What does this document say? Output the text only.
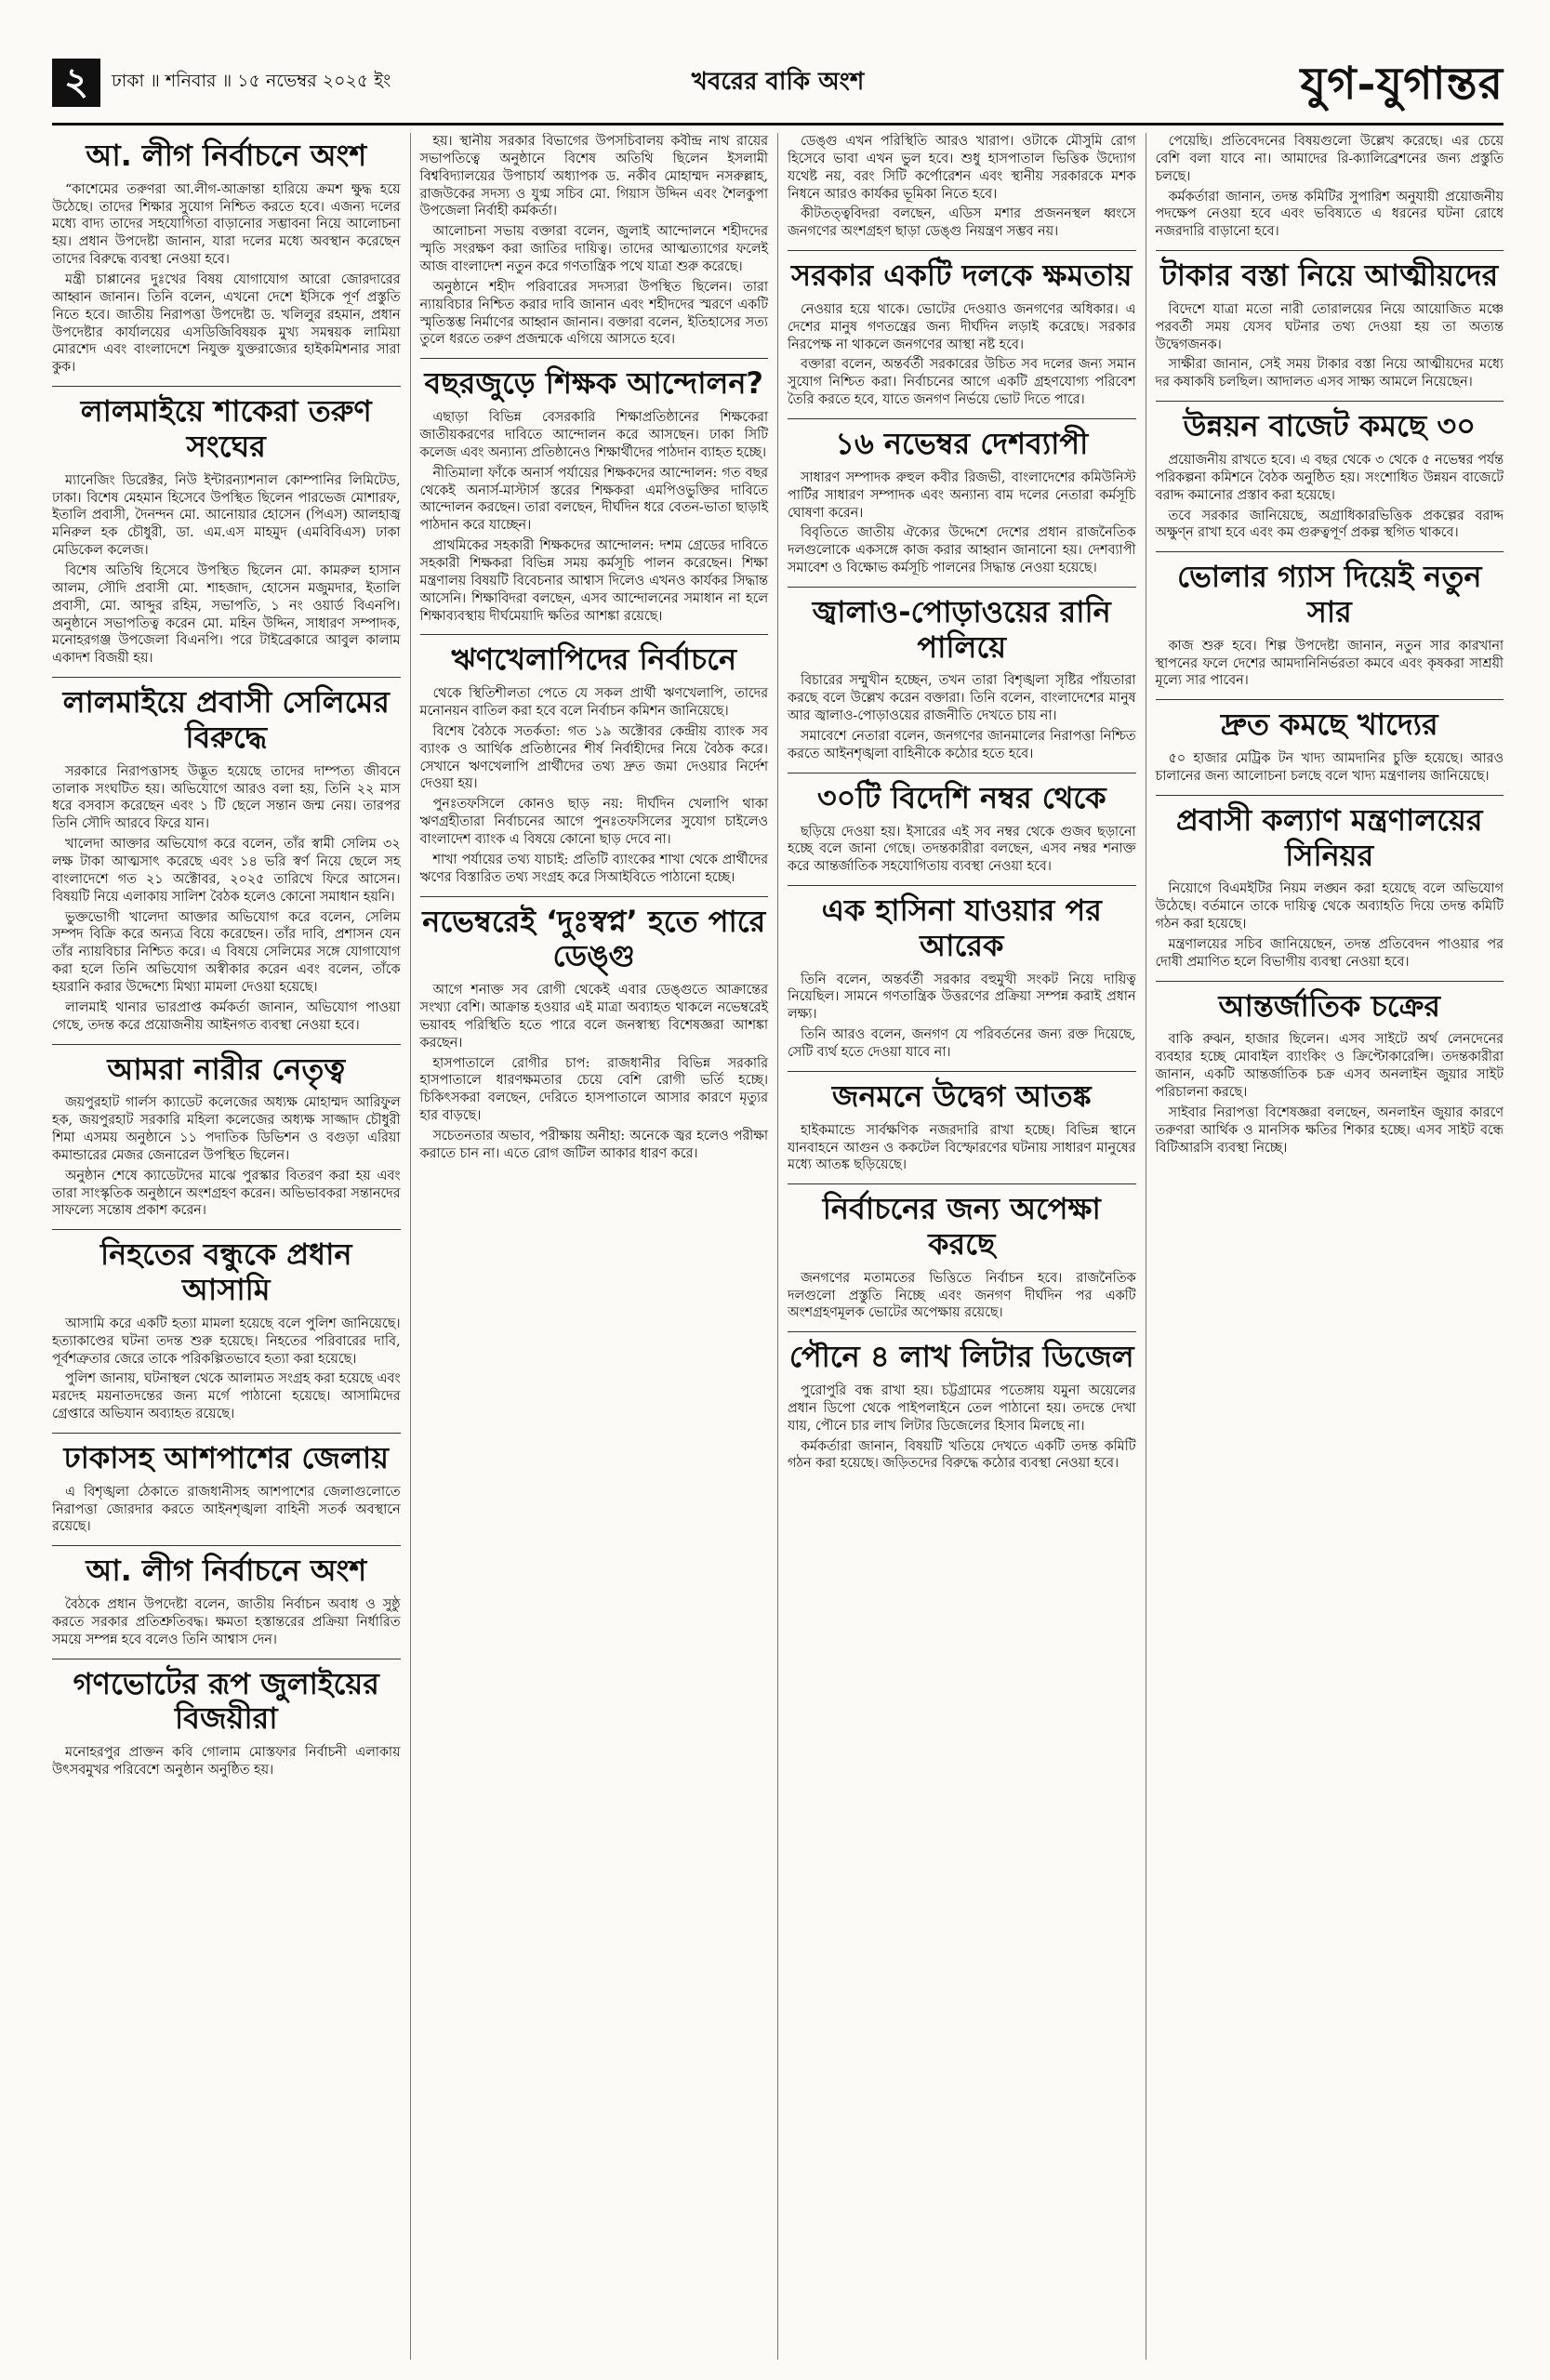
২	ঢাকা ॥ শনিবার ॥ ১৫ নভেম্বর ২০২৫ ইং	খবরের বাকি অংশ	যুগ-যুগান্তর
আ. লীগ নির্বাচনে অংশ

“কাশেমের তরুণরা আ.লীগ-আক্রান্তা হারিয়ে ক্রমশ ক্ষুদ্ধ হয়ে উঠেছে। তাদের শিক্ষার সুযোগ নিশ্চিত করতে হবে। এজন্য দলের মধ্যে বাদ্য তাদের সহযোগিতা বাড়ানোর সম্ভাবনা নিয়ে আলোচনা হয়। প্রধান উপদেষ্টা জানান, যারা দলের মধ্যে অবস্থান করেছেন তাদের বিরুদ্ধে ব্যবস্থা নেওয়া হবে।

মন্ত্রী চাপ্পানের দুঃখের বিষয় যোগাযোগ আরো জোরদারের আহ্বান জানান। তিনি বলেন, এখনো দেশে ইসিকে পূর্ণ প্রস্তুতি নিতে হবে। জাতীয় নিরাপত্তা উপদেষ্টা ড. খলিলুর রহমান, প্রধান উপদেষ্টার কার্যালয়ের এসডিজিবিষয়ক মুখ্য সমন্বয়ক লামিয়া মোরশেদ এবং বাংলাদেশে নিযুক্ত যুক্তরাজ্যের হাইকমিশনার সারা কুক।

লালমাইয়ে শাকেরা তরুণ সংঘের

ম্যানেজিং ডিরেক্টর, নিউ ইন্টারন্যাশনাল কোম্পানির লিমিটেড, ঢাকা। বিশেষ মেহমান হিসেবে উপস্থিত ছিলেন পারভেজ মোশারফ, ইতালি প্রবাসী, দৈনন্দন মো. আনোয়ার হোসেন (পিএস) আলহাজ্ব মনিরুল হক চৌধুরী, ডা. এম.এস মাহমুদ (এমবিবিএস) ঢাকা মেডিকেল কলেজ।

বিশেষ অতিথি হিসেবে উপস্থিত ছিলেন মো. কামরুল হাসান আলম, সৌদি প্রবাসী মো. শাহজাদ, হোসেন মজুমদার, ইতালি প্রবাসী, মো. আব্দুর রহিম, সভাপতি, ১ নং ওয়ার্ড বিএনপি। অনুষ্ঠানে সভাপতিত্ব করেন মো. মহিন উদ্দিন, সাধারণ সম্পাদক, মনোহরগঞ্জ উপজেলা বিএনপি। পরে টাইব্রেকারে আবুল কালাম একাদশ বিজয়ী হয়।

লালমাইয়ে প্রবাসী সেলিমের বিরুদ্ধে

সরকারে নিরাপত্তাসহ উদ্ভূত হয়েছে তাদের দাম্পত্য জীবনে তালাক সংঘটিত হয়। অভিযোগে আরও বলা হয়, তিনি ২২ মাস ধরে বসবাস করেছেন এবং ১ টি ছেলে সন্তান জন্ম নেয়। তারপর তিনি সৌদি আরবে ফিরে যান।

খালেদা আক্তার অভিযোগ করে বলেন, তাঁর স্বামী সেলিম ৩২ লক্ষ টাকা আত্মসাৎ করেছে এবং ১৪ ভরি স্বর্ণ নিয়ে ছেলে সহ বাংলাদেশে গত ২১ অক্টোবর, ২০২৫ তারিখে ফিরে আসেন। বিষয়টি নিয়ে এলাকায় সালিশ বৈঠক হলেও কোনো সমাধান হয়নি।

ভুক্তভোগী খালেদা আক্তার অভিযোগ করে বলেন, সেলিম সম্পদ বিক্রি করে অন্যত্র বিয়ে করেছেন। তাঁর দাবি, প্রশাসন যেন তাঁর ন্যায়বিচার নিশ্চিত করে। এ বিষয়ে সেলিমের সঙ্গে যোগাযোগ করা হলে তিনি অভিযোগ অস্বীকার করেন এবং বলেন, তাঁকে হয়রানি করার উদ্দেশ্যে মিথ্যা মামলা দেওয়া হয়েছে।

লালমাই থানার ভারপ্রাপ্ত কর্মকর্তা জানান, অভিযোগ পাওয়া গেছে, তদন্ত করে প্রয়োজনীয় আইনগত ব্যবস্থা নেওয়া হবে।

আমরা নারীর নেতৃত্ব

জয়পুরহাট গার্লস ক্যাডেট কলেজের অধ্যক্ষ মোহাম্মদ আরিফুল হক, জয়পুরহাট সরকারি মহিলা কলেজের অধ্যক্ষ সাজ্জাদ চৌধুরী শিমা এসময় অনুষ্ঠানে ১১ পদাতিক ডিভিশন ও বগুড়া এরিয়া কমান্ডারের মেজর জেনারেল উপস্থিত ছিলেন।

অনুষ্ঠান শেষে ক্যাডেটদের মাঝে পুরস্কার বিতরণ করা হয় এবং তারা সাংস্কৃতিক অনুষ্ঠানে অংশগ্রহণ করেন। অভিভাবকরা সন্তানদের সাফল্যে সন্তোষ প্রকাশ করেন।

নিহতের বন্ধুকে প্রধান আসামি

আসামি করে একটি হত্যা মামলা হয়েছে বলে পুলিশ জানিয়েছে। হত্যাকাণ্ডের ঘটনা তদন্ত শুরু হয়েছে। নিহতের পরিবারের দাবি, পূর্বশত্রুতার জেরে তাকে পরিকল্পিতভাবে হত্যা করা হয়েছে।

পুলিশ জানায়, ঘটনাস্থল থেকে আলামত সংগ্রহ করা হয়েছে এবং মরদেহ ময়নাতদন্তের জন্য মর্গে পাঠানো হয়েছে। আসামিদের গ্রেপ্তারে অভিযান অব্যাহত রয়েছে।

ঢাকাসহ আশপাশের জেলায়

এ বিশৃঙ্খলা ঠেকাতে রাজধানীসহ আশপাশের জেলাগুলোতে নিরাপত্তা জোরদার করতে আইনশৃঙ্খলা বাহিনী সতর্ক অবস্থানে রয়েছে।

আ. লীগ নির্বাচনে অংশ

বৈঠকে প্রধান উপদেষ্টা বলেন, জাতীয় নির্বাচন অবাধ ও সুষ্ঠু করতে সরকার প্রতিশ্রুতিবদ্ধ। ক্ষমতা হস্তান্তরের প্রক্রিয়া নির্ধারিত সময়ে সম্পন্ন হবে বলেও তিনি আশ্বাস দেন।

গণভোটের রূপ জুলাইয়ের বিজয়ীরা

মনোহরপুর প্রাক্তন কবি গোলাম মোস্তফার নির্বাচনী এলাকায় উৎসবমুখর পরিবেশে অনুষ্ঠান অনুষ্ঠিত হয়।

হয়। স্থানীয় সরকার বিভাগের উপসচিবালয় কবীন্দ্র নাথ রায়ের সভাপতিত্বে অনুষ্ঠানে বিশেষ অতিথি ছিলেন ইসলামী বিশ্ববিদ্যালয়ের উপাচার্য অধ্যাপক ড. নকীব মোহাম্মদ নসরুল্লাহ, রাজউকের সদস্য ও যুগ্ম সচিব মো. গিয়াস উদ্দিন এবং শৈলকুপা উপজেলা নির্বাহী কর্মকর্তা।

আলোচনা সভায় বক্তারা বলেন, জুলাই আন্দোলনে শহীদদের স্মৃতি সংরক্ষণ করা জাতির দায়িত্ব। তাদের আত্মত্যাগের ফলেই আজ বাংলাদেশ নতুন করে গণতান্ত্রিক পথে যাত্রা শুরু করেছে।

অনুষ্ঠানে শহীদ পরিবারের সদস্যরা উপস্থিত ছিলেন। তারা ন্যায়বিচার নিশ্চিত করার দাবি জানান এবং শহীদদের স্মরণে একটি স্মৃতিস্তম্ভ নির্মাণের আহ্বান জানান। বক্তারা বলেন, ইতিহাসের সত্য তুলে ধরতে তরুণ প্রজন্মকে এগিয়ে আসতে হবে।

বছরজুড়ে শিক্ষক আন্দোলন?

এছাড়া বিভিন্ন বেসরকারি শিক্ষাপ্রতিষ্ঠানের শিক্ষকেরা জাতীয়করণের দাবিতে আন্দোলন করে আসছেন। ঢাকা সিটি কলেজ এবং অন্যান্য প্রতিষ্ঠানেও শিক্ষার্থীদের পাঠদান ব্যাহত হচ্ছে।

নীতিমালা ফাঁকে অনার্স পর্যায়ের শিক্ষকদের আন্দোলন: গত বছর থেকেই অনার্স-মাস্টার্স স্তরের শিক্ষকরা এমপিওভুক্তির দাবিতে আন্দোলন করছেন। তারা বলছেন, দীর্ঘদিন ধরে বেতন-ভাতা ছাড়াই পাঠদান করে যাচ্ছেন।

প্রাথমিকের সহকারী শিক্ষকদের আন্দোলন: দশম গ্রেডের দাবিতে সহকারী শিক্ষকরা বিভিন্ন সময় কর্মসূচি পালন করেছেন। শিক্ষা মন্ত্রণালয় বিষয়টি বিবেচনার আশ্বাস দিলেও এখনও কার্যকর সিদ্ধান্ত আসেনি। শিক্ষাবিদরা বলছেন, এসব আন্দোলনের সমাধান না হলে শিক্ষাব্যবস্থায় দীর্ঘমেয়াদি ক্ষতির আশঙ্কা রয়েছে।

ঋণখেলাপিদের নির্বাচনে

থেকে স্থিতিশীলতা পেতে যে সকল প্রার্থী ঋণখেলাপি, তাদের মনোনয়ন বাতিল করা হবে বলে নির্বাচন কমিশন জানিয়েছে।

বিশেষ বৈঠকে সতর্কতা: গত ১৯ অক্টোবর কেন্দ্রীয় ব্যাংক সব ব্যাংক ও আর্থিক প্রতিষ্ঠানের শীর্ষ নির্বাহীদের নিয়ে বৈঠক করে। সেখানে ঋণখেলাপি প্রার্থীদের তথ্য দ্রুত জমা দেওয়ার নির্দেশ দেওয়া হয়।

পুনঃতফসিলে কোনও ছাড় নয়: দীর্ঘদিন খেলাপি থাকা ঋণগ্রহীতারা নির্বাচনের আগে পুনঃতফসিলের সুযোগ চাইলেও বাংলাদেশ ব্যাংক এ বিষয়ে কোনো ছাড় দেবে না।

শাখা পর্যায়ের তথ্য যাচাই: প্রতিটি ব্যাংকের শাখা থেকে প্রার্থীদের ঋণের বিস্তারিত তথ্য সংগ্রহ করে সিআইবিতে পাঠানো হচ্ছে।

নভেম্বরেই ‘দুঃস্বপ্ন’ হতে পারে ডেঙ্গু

আগে শনাক্ত সব রোগী থেকেই এবার ডেঙ্গুতে আক্রান্তের সংখ্যা বেশি। আক্রান্ত হওয়ার এই মাত্রা অব্যাহত থাকলে নভেম্বরেই ভয়াবহ পরিস্থিতি হতে পারে বলে জনস্বাস্থ্য বিশেষজ্ঞরা আশঙ্কা করছেন।

হাসপাতালে রোগীর চাপ: রাজধানীর বিভিন্ন সরকারি হাসপাতালে ধারণক্ষমতার চেয়ে বেশি রোগী ভর্তি হচ্ছে। চিকিৎসকরা বলছেন, দেরিতে হাসপাতালে আসার কারণে মৃত্যুর হার বাড়ছে।

সচেতনতার অভাব, পরীক্ষায় অনীহা: অনেকে জ্বর হলেও পরীক্ষা করাতে চান না। এতে রোগ জটিল আকার ধারণ করে।

ডেঙ্গু এখন পরিস্থিতি আরও খারাপ। ওটাকে মৌসুমি রোগ হিসেবে ভাবা এখন ভুল হবে। শুধু হাসপাতাল ভিত্তিক উদ্যোগ যথেষ্ট নয়, বরং সিটি কর্পোরেশন এবং স্থানীয় সরকারকে মশক নিধনে আরও কার্যকর ভূমিকা নিতে হবে।

কীটতত্ত্ববিদরা বলছেন, এডিস মশার প্রজননস্থল ধ্বংসে জনগণের অংশগ্রহণ ছাড়া ডেঙ্গু নিয়ন্ত্রণ সম্ভব নয়।

সরকার একটি দলকে ক্ষমতায়

নেওয়ার হয়ে থাকে। ভোটের দেওয়াও জনগণের অধিকার। এ দেশের মানুষ গণতন্ত্রের জন্য দীর্ঘদিন লড়াই করেছে। সরকার নিরপেক্ষ না থাকলে জনগণের আস্থা নষ্ট হবে।

বক্তারা বলেন, অন্তর্বর্তী সরকারের উচিত সব দলের জন্য সমান সুযোগ নিশ্চিত করা। নির্বাচনের আগে একটি গ্রহণযোগ্য পরিবেশ তৈরি করতে হবে, যাতে জনগণ নির্ভয়ে ভোট দিতে পারে।

১৬ নভেম্বর দেশব্যাপী

সাধারণ সম্পাদক রুহুল কবীর রিজভী, বাংলাদেশের কমিউনিস্ট পার্টির সাধারণ সম্পাদক এবং অন্যান্য বাম দলের নেতারা কর্মসূচি ঘোষণা করেন।

বিবৃতিতে জাতীয় ঐক্যের উদ্দেশে দেশের প্রধান রাজনৈতিক দলগুলোকে একসঙ্গে কাজ করার আহ্বান জানানো হয়। দেশব্যাপী সমাবেশ ও বিক্ষোভ কর্মসূচি পালনের সিদ্ধান্ত নেওয়া হয়েছে।

জ্বালাও-পোড়াওয়ের রানি পালিয়ে

বিচারের সম্মুখীন হচ্ছেন, তখন তারা বিশৃঙ্খলা সৃষ্টির পাঁয়তারা করছে বলে উল্লেখ করেন বক্তারা। তিনি বলেন, বাংলাদেশের মানুষ আর জ্বালাও-পোড়াওয়ের রাজনীতি দেখতে চায় না।

সমাবেশে নেতারা বলেন, জনগণের জানমালের নিরাপত্তা নিশ্চিত করতে আইনশৃঙ্খলা বাহিনীকে কঠোর হতে হবে।

৩০টি বিদেশি নম্বর থেকে

ছড়িয়ে দেওয়া হয়। ইসারের এই সব নম্বর থেকে গুজব ছড়ানো হচ্ছে বলে জানা গেছে। তদন্তকারীরা বলছেন, এসব নম্বর শনাক্ত করে আন্তর্জাতিক সহযোগিতায় ব্যবস্থা নেওয়া হবে।

এক হাসিনা যাওয়ার পর আরেক

তিনি বলেন, অন্তর্বর্তী সরকার বহুমুখী সংকট নিয়ে দায়িত্ব নিয়েছিল। সামনে গণতান্ত্রিক উত্তরণের প্রক্রিয়া সম্পন্ন করাই প্রধান লক্ষ্য।

তিনি আরও বলেন, জনগণ যে পরিবর্তনের জন্য রক্ত দিয়েছে, সেটি ব্যর্থ হতে দেওয়া যাবে না।

জনমনে উদ্বেগ আতঙ্ক

হাইকমান্ডে সার্বক্ষণিক নজরদারি রাখা হচ্ছে। বিভিন্ন স্থানে যানবাহনে আগুন ও ককটেল বিস্ফোরণের ঘটনায় সাধারণ মানুষের মধ্যে আতঙ্ক ছড়িয়েছে।

নির্বাচনের জন্য অপেক্ষা করছে

জনগণের মতামতের ভিত্তিতে নির্বাচন হবে। রাজনৈতিক দলগুলো প্রস্তুতি নিচ্ছে এবং জনগণ দীর্ঘদিন পর একটি অংশগ্রহণমূলক ভোটের অপেক্ষায় রয়েছে।

পৌনে ৪ লাখ লিটার ডিজেল

পুরোপুরি বন্ধ রাখা হয়। চট্টগ্রামের পতেঙ্গায় যমুনা অয়েলের প্রধান ডিপো থেকে পাইপলাইনে তেল পাঠানো হয়। তদন্তে দেখা যায়, পৌনে চার লাখ লিটার ডিজেলের হিসাব মিলছে না।

কর্মকর্তারা জানান, বিষয়টি খতিয়ে দেখতে একটি তদন্ত কমিটি গঠন করা হয়েছে। জড়িতদের বিরুদ্ধে কঠোর ব্যবস্থা নেওয়া হবে।

পেয়েছি। প্রতিবেদনের বিষয়গুলো উল্লেখ করেছে। এর চেয়ে বেশি বলা যাবে না। আমাদের রি-ক্যালিব্রেশনের জন্য প্রস্তুতি চলছে।

কর্মকর্তারা জানান, তদন্ত কমিটির সুপারিশ অনুযায়ী প্রয়োজনীয় পদক্ষেপ নেওয়া হবে এবং ভবিষ্যতে এ ধরনের ঘটনা রোধে নজরদারি বাড়ানো হবে।

টাকার বস্তা নিয়ে আত্মীয়দের

বিদেশে যাত্রা মতো নারী তোরালয়ের নিয়ে আয়োজিত মঞ্চে পরবর্তী সময় যেসব ঘটনার তথ্য দেওয়া হয় তা অত্যন্ত উদ্বেগজনক।

সাক্ষীরা জানান, সেই সময় টাকার বস্তা নিয়ে আত্মীয়দের মধ্যে দর কষাকষি চলছিল। আদালত এসব সাক্ষ্য আমলে নিয়েছেন।

উন্নয়ন বাজেট কমছে ৩০

প্রয়োজনীয় রাখতে হবে। এ বছর থেকে ৩ থেকে ৫ নভেম্বর পর্যন্ত পরিকল্পনা কমিশনে বৈঠক অনুষ্ঠিত হয়। সংশোধিত উন্নয়ন বাজেটে বরাদ্দ কমানোর প্রস্তাব করা হয়েছে।

তবে সরকার জানিয়েছে, অগ্রাধিকারভিত্তিক প্রকল্পের বরাদ্দ অক্ষুণ্ন রাখা হবে এবং কম গুরুত্বপূর্ণ প্রকল্প স্থগিত থাকবে।

ভোলার গ্যাস দিয়েই নতুন সার

কাজ শুরু হবে। শিল্প উপদেষ্টা জানান, নতুন সার কারখানা স্থাপনের ফলে দেশের আমদানিনির্ভরতা কমবে এবং কৃষকরা সাশ্রয়ী মূল্যে সার পাবেন।

দ্রুত কমছে খাদ্যের

৫০ হাজার মেট্রিক টন খাদ্য আমদানির চুক্তি হয়েছে। আরও চালানের জন্য আলোচনা চলছে বলে খাদ্য মন্ত্রণালয় জানিয়েছে।

প্রবাসী কল্যাণ মন্ত্রণালয়ের সিনিয়র

নিয়োগে বিএমইটির নিয়ম লঙ্ঘন করা হয়েছে বলে অভিযোগ উঠেছে। বর্তমানে তাকে দায়িত্ব থেকে অব্যাহতি দিয়ে তদন্ত কমিটি গঠন করা হয়েছে।

মন্ত্রণালয়ের সচিব জানিয়েছেন, তদন্ত প্রতিবেদন পাওয়ার পর দোষী প্রমাণিত হলে বিভাগীয় ব্যবস্থা নেওয়া হবে।

আন্তর্জাতিক চক্রের

বাকি রুঝন, হাজার ছিলেন। এসব সাইটে অর্থ লেনদেনের ব্যবহার হচ্ছে মোবাইল ব্যাংকিং ও ক্রিপ্টোকারেন্সি। তদন্তকারীরা জানান, একটি আন্তর্জাতিক চক্র এসব অনলাইন জুয়ার সাইট পরিচালনা করছে।

সাইবার নিরাপত্তা বিশেষজ্ঞরা বলছেন, অনলাইন জুয়ার কারণে তরুণরা আর্থিক ও মানসিক ক্ষতির শিকার হচ্ছে। এসব সাইট বন্ধে বিটিআরসি ব্যবস্থা নিচ্ছে।
